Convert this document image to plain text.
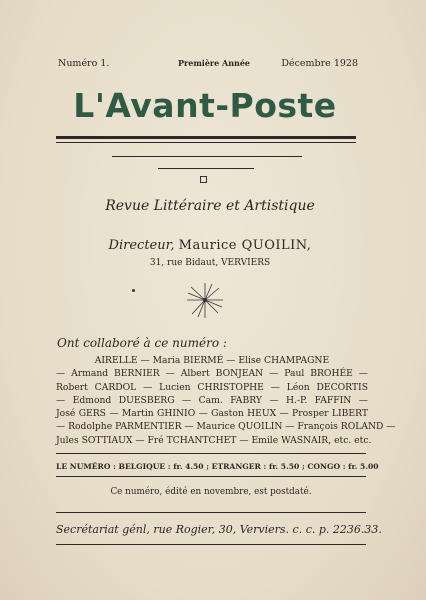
Numéro 1.	Première Année	Décembre 1928
L'Avant-Poste
Revue Littéraire et Artistique
Directeur, Maurice QUOILIN,
31, rue Bidaut, VERVIERS
Ont collaboré à ce numéro :
AIRELLE — Maria BIERMÉ — Elise CHAMPAGNE
— Armand BERNIER — Albert BONJEAN — Paul BROHÉE —
Robert CARDOL — Lucien CHRISTOPHE — Léon DECORTIS
— Edmond DUESBERG — Cam. FABRY — H.-P. FAFFIN —
José GERS — Martin GHINIO — Gaston HEUX — Prosper LIBERT
— Rodolphe PARMENTIER — Maurice QUOILIN — François ROLAND —
Jules SOTTIAUX — Fré TCHANTCHET — Emile WASNAIR, etc. etc.
LE NUMÉRO : BELGIQUE : fr. 4.50 ; ETRANGER : fr. 5.50 ; CONGO : fr. 5.00
Ce numéro, édité en novembre, est postdaté.
Secrétariat génl, rue Rogier, 30, Verviers. c. c. p. 2236.33.
